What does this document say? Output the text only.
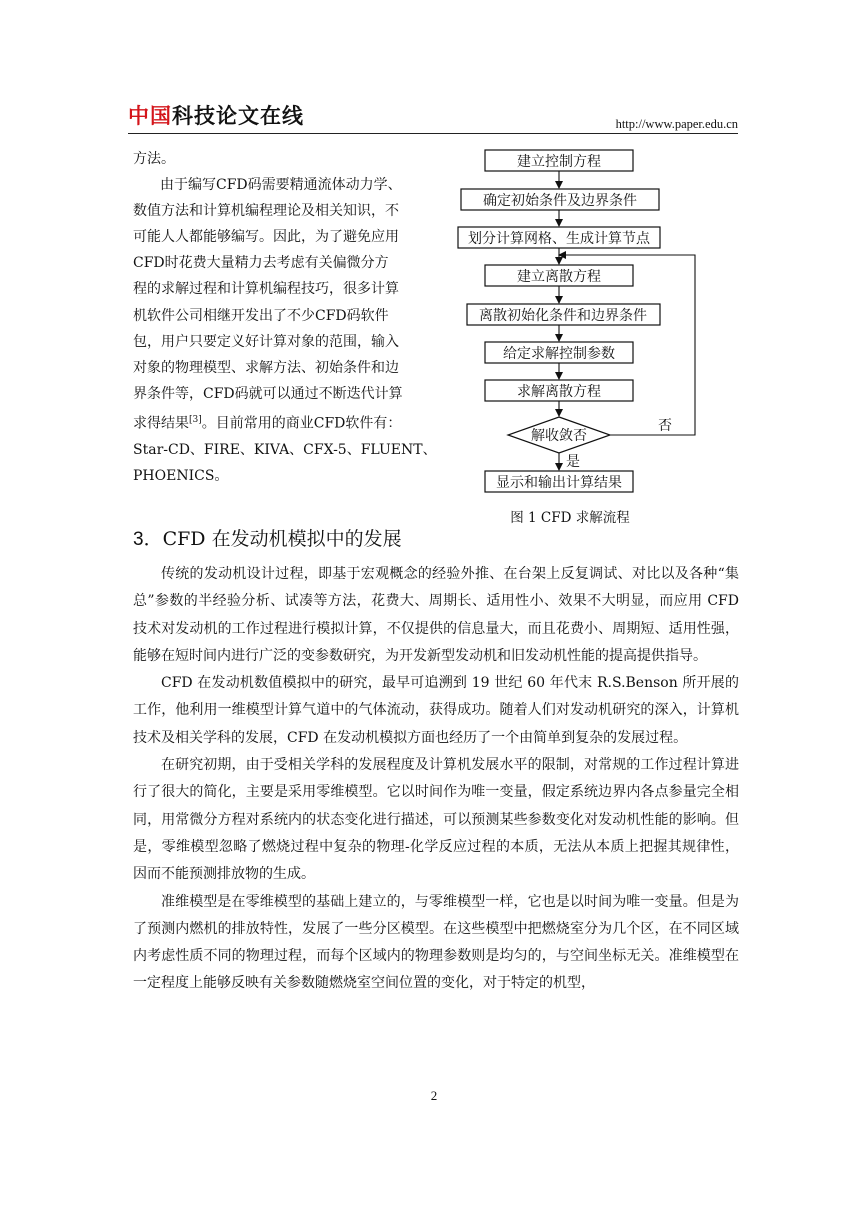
中国科技论文在线	http://www.paper.edu.cn

方法。

由于编写CFD码需要精通流体动力学、

数值方法和计算机编程理论及相关知识，不

可能人人都能够编写。因此，为了避免应用

CFD时花费大量精力去考虑有关偏微分方

程的求解过程和计算机编程技巧，很多计算

机软件公司相继开发出了不少CFD码软件

包，用户只要定义好计算对象的范围，输入

对象的物理模型、求解方法、初始条件和边

界条件等，CFD码就可以通过不断迭代计算

求得结果[3]。目前常用的商业CFD软件有：

Star-CD、FIRE、KIVA、CFX-5、FLUENT、

PHOENICS。

建立控制方程
确定初始条件及边界条件
划分计算网格、生成计算节点
建立离散方程
离散初始化条件和边界条件
给定求解控制参数
求解离散方程
解收敛否
否
是
显示和输出计算结果
图 1 CFD 求解流程
3．CFD 在发动机模拟中的发展

传统的发动机设计过程，即基于宏观概念的经验外推、在台架上反复调试、对比以及各种“集总”参数的半经验分析、试凑等方法，花费大、周期长、适用性小、效果不大明显，而应用 CFD 技术对发动机的工作过程进行模拟计算，不仅提供的信息量大，而且花费小、周期短、适用性强，能够在短时间内进行广泛的变参数研究，为开发新型发动机和旧发动机性能的提高提供指导。

CFD 在发动机数值模拟中的研究，最早可追溯到 19 世纪 60 年代末 R.S.Benson 所开展的工作，他利用一维模型计算气道中的气体流动，获得成功。随着人们对发动机研究的深入，计算机技术及相关学科的发展，CFD 在发动机模拟方面也经历了一个由简单到复杂的发展过程。

在研究初期，由于受相关学科的发展程度及计算机发展水平的限制，对常规的工作过程计算进行了很大的简化，主要是采用零维模型。它以时间作为唯一变量，假定系统边界内各点参量完全相同，用常微分方程对系统内的状态变化进行描述，可以预测某些参数变化对发动机性能的影响。但是，零维模型忽略了燃烧过程中复杂的物理-化学反应过程的本质，无法从本质上把握其规律性，因而不能预测排放物的生成。

准维模型是在零维模型的基础上建立的，与零维模型一样，它也是以时间为唯一变量。但是为了预测内燃机的排放特性，发展了一些分区模型。在这些模型中把燃烧室分为几个区，在不同区域内考虑性质不同的物理过程，而每个区域内的物理参数则是均匀的，与空间坐标无关。准维模型在一定程度上能够反映有关参数随燃烧室空间位置的变化，对于特定的机型，

2
